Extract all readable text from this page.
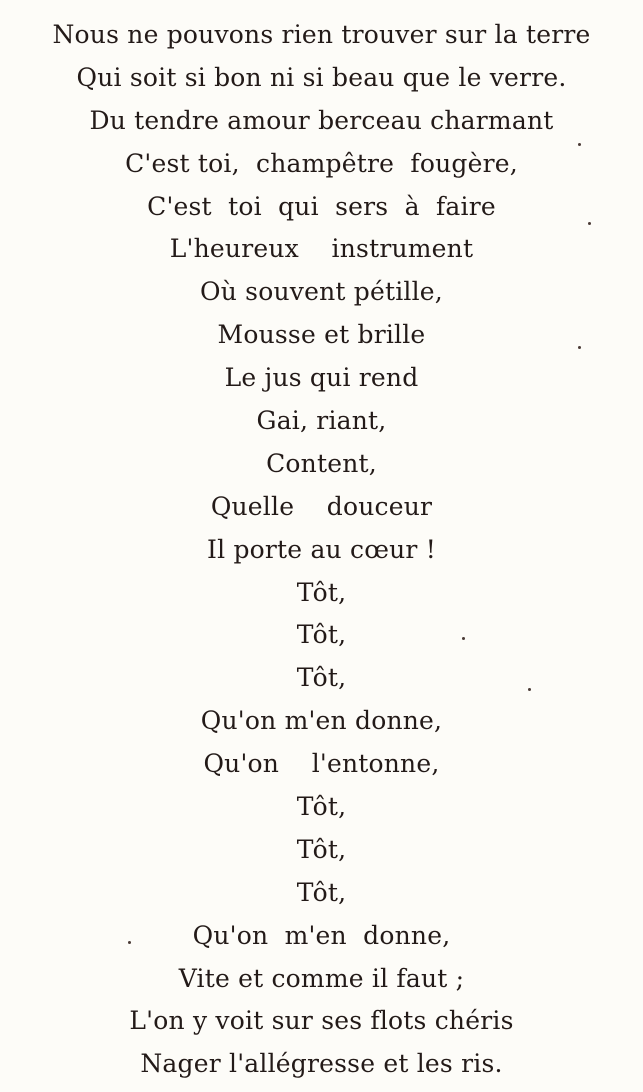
Nous ne pouvons rien trouver sur la terre
Qui soit si bon ni si beau que le verre.
Du tendre amour berceau charmant
C'est toi,  champêtre  fougère,
C'est  toi  qui  sers  à  faire
L'heureux    instrument
Où souvent pétille,
Mousse et brille
Le jus qui rend
Gai, riant,
Content,
Quelle    douceur
Il porte au cœur !
Tôt,
Tôt,
Tôt,
Qu'on m'en donne,
Qu'on    l'entonne,
Tôt,
Tôt,
Tôt,
Qu'on  m'en  donne,
Vite et comme il faut ;
L'on y voit sur ses flots chéris
Nager l'allégresse et les ris.
